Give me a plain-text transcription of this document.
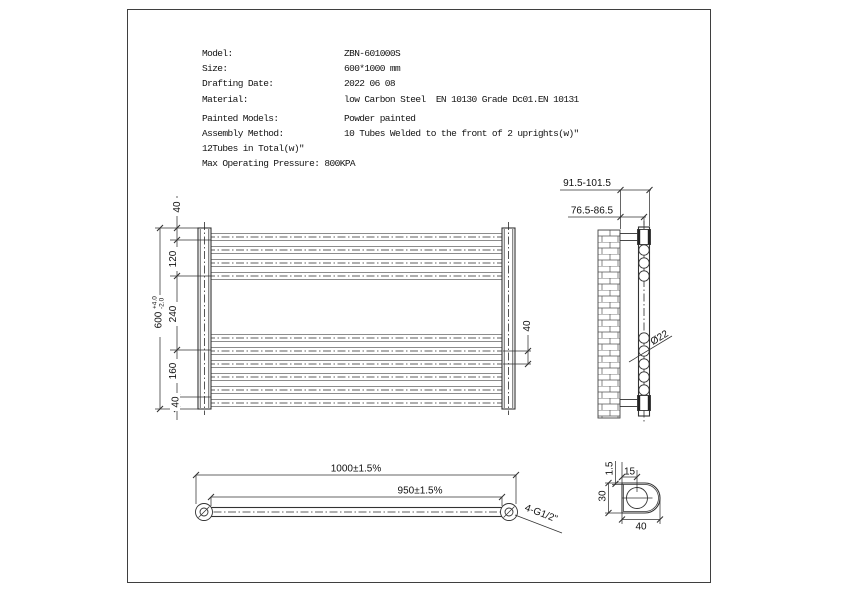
Model:	ZBN-601000S
Size:	600*1000 mm
Drafting Date:	2022 06 08
Material:	low Carbon Steel  EN 10130 Grade Dc01.EN 10131
Painted Models:	Powder painted
Assembly Method:	10 Tubes Welded to the front of 2 uprights(w)"
12Tubes in Total(w)"
Max Operating Pressure: 800KPA
40
120
240
160
40
600
+4.0 -2.0
40
91.5-101.5
76.5-86.5
Ø22
1000±1.5%
950±1.5%
4-G1/2"
15
1.5
30
40
